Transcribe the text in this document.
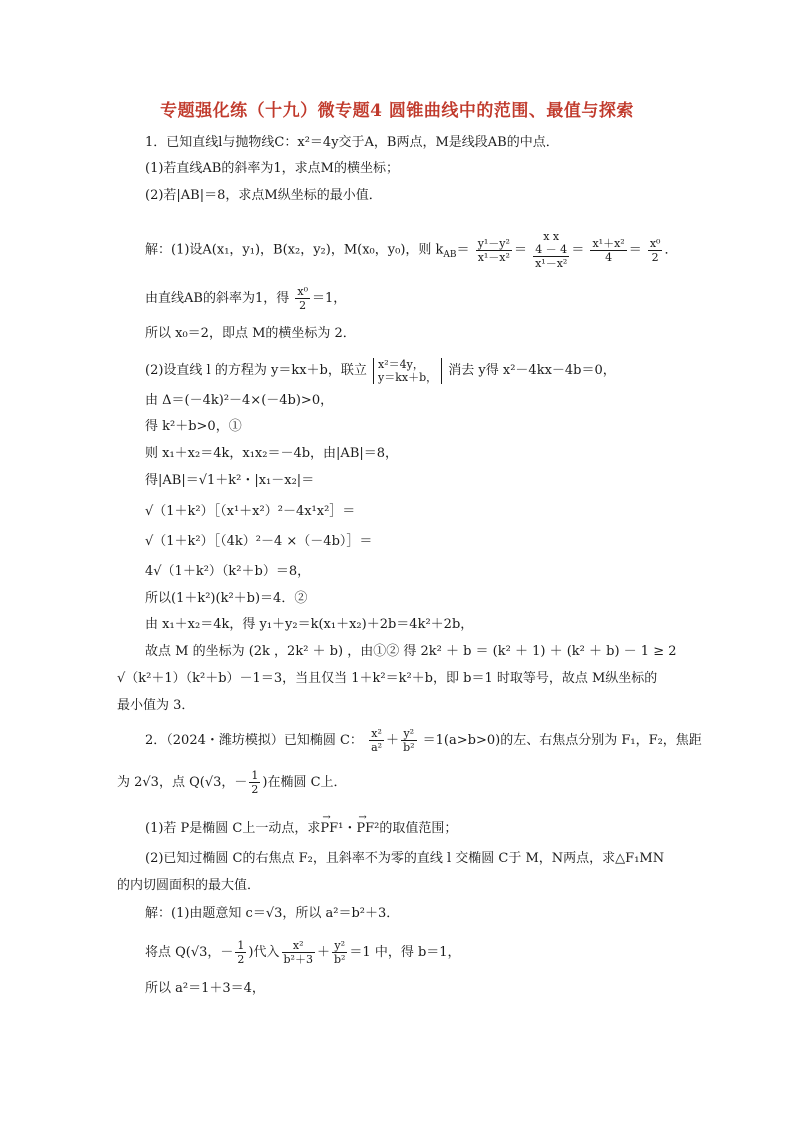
专题强化练（十九）微专题4 圆锥曲线中的范围、最值与探索
1．已知直线l与抛物线C：x²＝4y交于A，B两点，M是线段AB的中点．
(1)若直线AB的斜率为1，求点M的横坐标；
(2)若|AB|＝8，求点M纵坐标的最小值．
解：(1)设A(x₁，y₁)，B(x₂，y₂)，M(x₀，y₀)，则 $k_{AB}= \frac{\text{y¹－y²}}{\text{x¹－x²}}$ ＝
x x
4 － 4
x¹－x²
＝ $\frac{\text{x¹＋x²}}{4} = \frac{\text{x⁰}}{2}$ ．
由直线AB的斜率为1，得 $\frac{\text{x⁰}}{2} =1$，
所以 x₀＝2，即点 M的横坐标为 2．
(2)设直线 l 的方程为 y＝kx＋b，联立 x²＝4y，
y＝kx＋b， 消去 y得 x²－4kx－4b＝0，
由 Δ＝(－4k)²－4×(－4b)>0，
得 k²＋b>0，①
则 x₁＋x₂＝4k，x₁x₂＝－4b，由|AB|＝8，
得|AB|＝√1＋k²・|x₁－x₂|＝
√（1＋k²）［（x¹＋x²）²－4x¹x²］＝
√（1＋k²）［（4k）²－4 ×（－4b）］＝
4√（1＋k²）（k²＋b）＝8，
所以(1＋k²)(k²＋b)＝4．②
由 x₁＋x₂＝4k，得 y₁＋y₂＝k(x₁＋x₂)＋2b＝4k²＋2b，
故点 M 的坐标为 (2k ，2k² ＋ b) ，由①② 得 2k² ＋ b ＝ (k² ＋ 1) ＋ (k² ＋ b) － 1 ≥ 2
√（k²＋1）（k²＋b）－1＝3，当且仅当 1＋k²＝k²＋b，即 b＝1 时取等号，故点 M纵坐标的
最小值为 3．
2．（2024・潍坊模拟）已知椭圆 C： $\frac{\text{x²}}{\text{a²}} + \frac{\text{y²}}{\text{b²}} =1(a>b>0)$的左、右焦点分别为 F₁，F₂，焦距
为 2√3，点 Q(√3，－ $\frac{1}{2}$ )在椭圆 C上．
(1)若 P是椭圆 C上一动点，求→ PF¹・→ PF²的取值范围；
(2)已知过椭圆 C的右焦点 F₂，且斜率不为零的直线 l 交椭圆 C于 M，N两点，求△F₁MN
的内切圆面积的最大值．
解：(1)由题意知 c＝√3，所以 a²＝b²＋3．
将点 Q(√3，－ $\frac{1}{2}$ )代入 $\frac{\text{x²}}{\text{b²＋3}} + \frac{\text{y²}}{\text{b²}} =1$ 中，得 b＝1，
所以 a²＝1＋3＝4，
